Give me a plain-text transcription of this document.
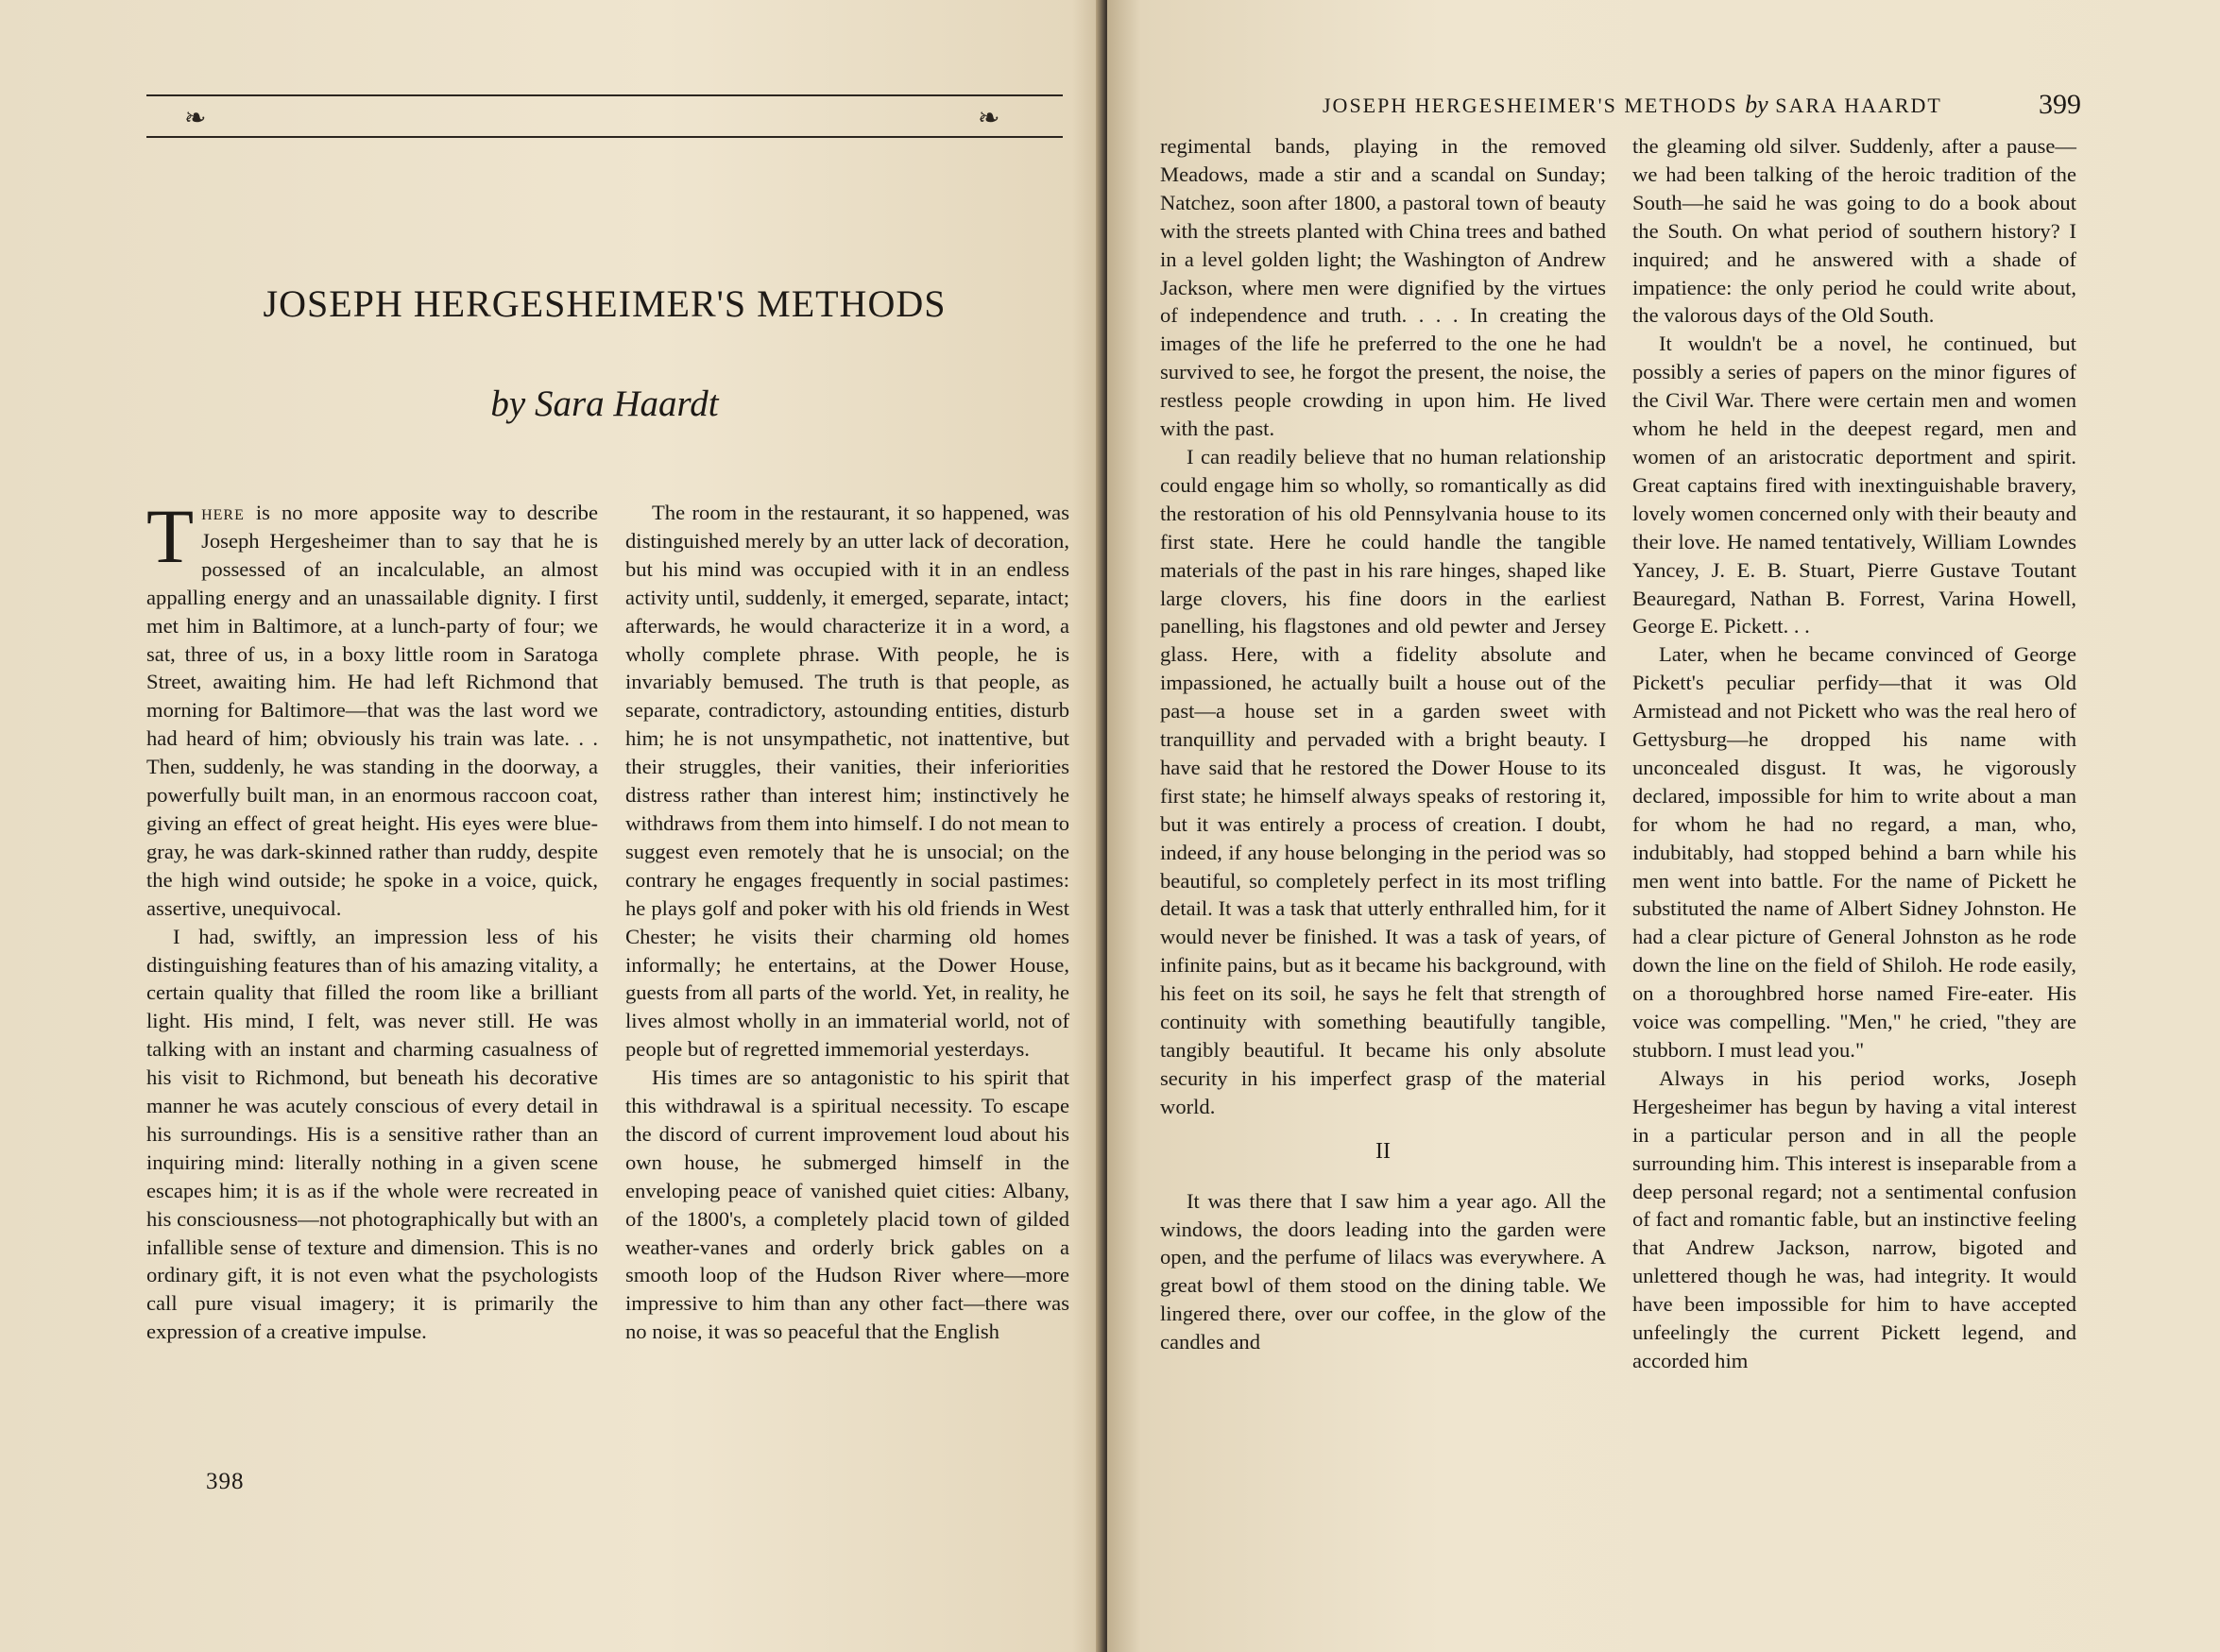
❧	❧
JOSEPH HERGESHEIMER'S METHODS

by Sara Haardt

There is no more apposite way to describe Joseph Hergesheimer than to say that he is possessed of an incalculable, an almost appalling energy and an unassailable dignity. I first met him in Baltimore, at a lunch-party of four; we sat, three of us, in a boxy little room in Saratoga Street, awaiting him. He had left Richmond that morning for Baltimore—that was the last word we had heard of him; obviously his train was late. . . Then, suddenly, he was standing in the doorway, a powerfully built man, in an enormous raccoon coat, giving an effect of great height. His eyes were blue-gray, he was dark-skinned rather than ruddy, despite the high wind outside; he spoke in a voice, quick, assertive, unequivocal.

I had, swiftly, an impression less of his distinguishing features than of his amazing vitality, a certain quality that filled the room like a brilliant light. His mind, I felt, was never still. He was talking with an instant and charming casualness of his visit to Richmond, but beneath his decorative manner he was acutely conscious of every detail in his surroundings. His is a sensitive rather than an inquiring mind: literally nothing in a given scene escapes him; it is as if the whole were recreated in his consciousness—not photographically but with an infallible sense of texture and dimension. This is no ordinary gift, it is not even what the psychologists call pure visual imagery; it is primarily the expression of a creative impulse.

The room in the restaurant, it so happened, was distinguished merely by an utter lack of decoration, but his mind was occupied with it in an endless activity until, suddenly, it emerged, separate, intact; afterwards, he would characterize it in a word, a wholly complete phrase. With people, he is invariably bemused. The truth is that people, as separate, contradictory, astounding entities, disturb him; he is not unsympathetic, not inattentive, but their struggles, their vanities, their inferiorities distress rather than interest him; instinctively he withdraws from them into himself. I do not mean to suggest even remotely that he is unsocial; on the contrary he engages frequently in social pastimes: he plays golf and poker with his old friends in West Chester; he visits their charming old homes informally; he entertains, at the Dower House, guests from all parts of the world. Yet, in reality, he lives almost wholly in an immaterial world, not of people but of regretted immemorial yesterdays.

His times are so antagonistic to his spirit that this withdrawal is a spiritual necessity. To escape the discord of current improvement loud about his own house, he submerged himself in the enveloping peace of vanished quiet cities: Albany, of the 1800's, a completely placid town of gilded weather-vanes and orderly brick gables on a smooth loop of the Hudson River where—more impressive to him than any other fact—there was no noise, it was so peaceful that the English

398
JOSEPH HERGESHEIMER'S METHODS by SARA HAARDT	399

regimental bands, playing in the removed Meadows, made a stir and a scandal on Sunday; Natchez, soon after 1800, a pastoral town of beauty with the streets planted with China trees and bathed in a level golden light; the Washington of Andrew Jackson, where men were dignified by the virtues of independence and truth. . . . In creating the images of the life he preferred to the one he had survived to see, he forgot the present, the noise, the restless people crowding in upon him. He lived with the past.

I can readily believe that no human relationship could engage him so wholly, so romantically as did the restoration of his old Pennsylvania house to its first state. Here he could handle the tangible materials of the past in his rare hinges, shaped like large clovers, his fine doors in the earliest panelling, his flagstones and old pewter and Jersey glass. Here, with a fidelity absolute and impassioned, he actually built a house out of the past—a house set in a garden sweet with tranquillity and pervaded with a bright beauty. I have said that he restored the Dower House to its first state; he himself always speaks of restoring it, but it was entirely a process of creation. I doubt, indeed, if any house belonging in the period was so beautiful, so completely perfect in its most trifling detail. It was a task that utterly enthralled him, for it would never be finished. It was a task of years, of infinite pains, but as it became his background, with his feet on its soil, he says he felt that strength of continuity with something beautifully tangible, tangibly beautiful. It became his only absolute security in his imperfect grasp of the material world.

II

It was there that I saw him a year ago. All the windows, the doors leading into the garden were open, and the perfume of lilacs was everywhere. A great bowl of them stood on the dining table. We lingered there, over our coffee, in the glow of the candles and

the gleaming old silver. Suddenly, after a pause—we had been talking of the heroic tradition of the South—he said he was going to do a book about the South. On what period of southern history? I inquired; and he answered with a shade of impatience: the only period he could write about, the valorous days of the Old South.

It wouldn't be a novel, he continued, but possibly a series of papers on the minor figures of the Civil War. There were certain men and women whom he held in the deepest regard, men and women of an aristocratic deportment and spirit. Great captains fired with inextinguishable bravery, lovely women concerned only with their beauty and their love. He named tentatively, William Lowndes Yancey, J. E. B. Stuart, Pierre Gustave Toutant Beauregard, Nathan B. Forrest, Varina Howell, George E. Pickett. . .

Later, when he became convinced of George Pickett's peculiar perfidy—that it was Old Armistead and not Pickett who was the real hero of Gettysburg—he dropped his name with unconcealed disgust. It was, he vigorously declared, impossible for him to write about a man for whom he had no regard, a man, who, indubitably, had stopped behind a barn while his men went into battle. For the name of Pickett he substituted the name of Albert Sidney Johnston. He had a clear picture of General Johnston as he rode down the line on the field of Shiloh. He rode easily, on a thoroughbred horse named Fire-eater. His voice was compelling. "Men," he cried, "they are stubborn. I must lead you."

Always in his period works, Joseph Hergesheimer has begun by having a vital interest in a particular person and in all the people surrounding him. This interest is inseparable from a deep personal regard; not a sentimental confusion of fact and romantic fable, but an instinctive feeling that Andrew Jackson, narrow, bigoted and unlettered though he was, had integrity. It would have been impossible for him to have accepted unfeelingly the current Pickett legend, and accorded him
